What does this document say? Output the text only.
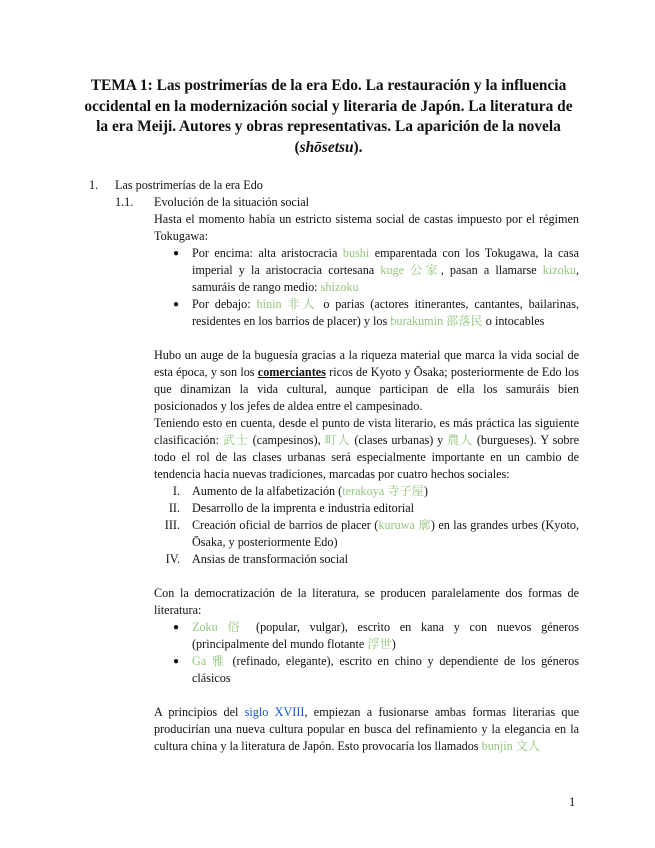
TEMA 1: Las postrimerías de la era Edo. La restauración y la influencia occidental en la modernización social y literaria de Japón. La literatura de la era Meiji. Autores y obras representativas. La aparición de la novela (shōsetsu).
1. Las postrimerías de la era Edo
1.1. Evolución de la situación social
Hasta el momento había un estricto sistema social de castas impuesto por el régimen Tokugawa:
● Por encima: alta aristocracia bushi emparentada con los Tokugawa, la casa imperial y la aristocracia cortesana kuge 公家, pasan a llamarse kizoku, samuráis de rango medio: shizoku
● Por debajo: hinin 非人 o parias (actores itinerantes, cantantes, bailarinas, residentes en los barrios de placer) y los burakumin 部落民 o intocables
Hubo un auge de la buguesía gracias a la riqueza material que marca la vida social de esta época, y son los comerciantes ricos de Kyoto y Ōsaka; posteriormente de Edo los que dinamizan la vida cultural, aunque participan de ella los samuráis bien posicionados y los jefes de aldea entre el campesinado.
Teniendo esto en cuenta, desde el punto de vista literario, es más práctica las siguiente clasificación: 武士 (campesinos), 町人 (clases urbanas) y 農人 (burgueses). Y sobre todo el rol de las clases urbanas será especialmente importante en un cambio de tendencia hacia nuevas tradiciones, marcadas por cuatro hechos sociales:
I. Aumento de la alfabetización (terakoya 寺子屋)
II. Desarrollo de la imprenta e industria editorial
III. Creación oficial de barrios de placer (kuruwa 廓) en las grandes urbes (Kyoto, Ōsaka, y posteriormente Edo)
IV. Ansias de transformación social
Con la democratización de la literatura, se producen paralelamente dos formas de literatura:
● Zoku 俗 (popular, vulgar), escrito en kana y con nuevos géneros (principalmente del mundo flotante 浮世)
● Ga 雅 (refinado, elegante), escrito en chino y dependiente de los géneros clásicos
A principios del siglo XVIII, empiezan a fusionarse ambas formas literarias que producirían una nueva cultura popular en busca del refinamiento y la elegancia en la cultura china y la literatura de Japón. Esto provocaría los llamados bunjin 文人
1
